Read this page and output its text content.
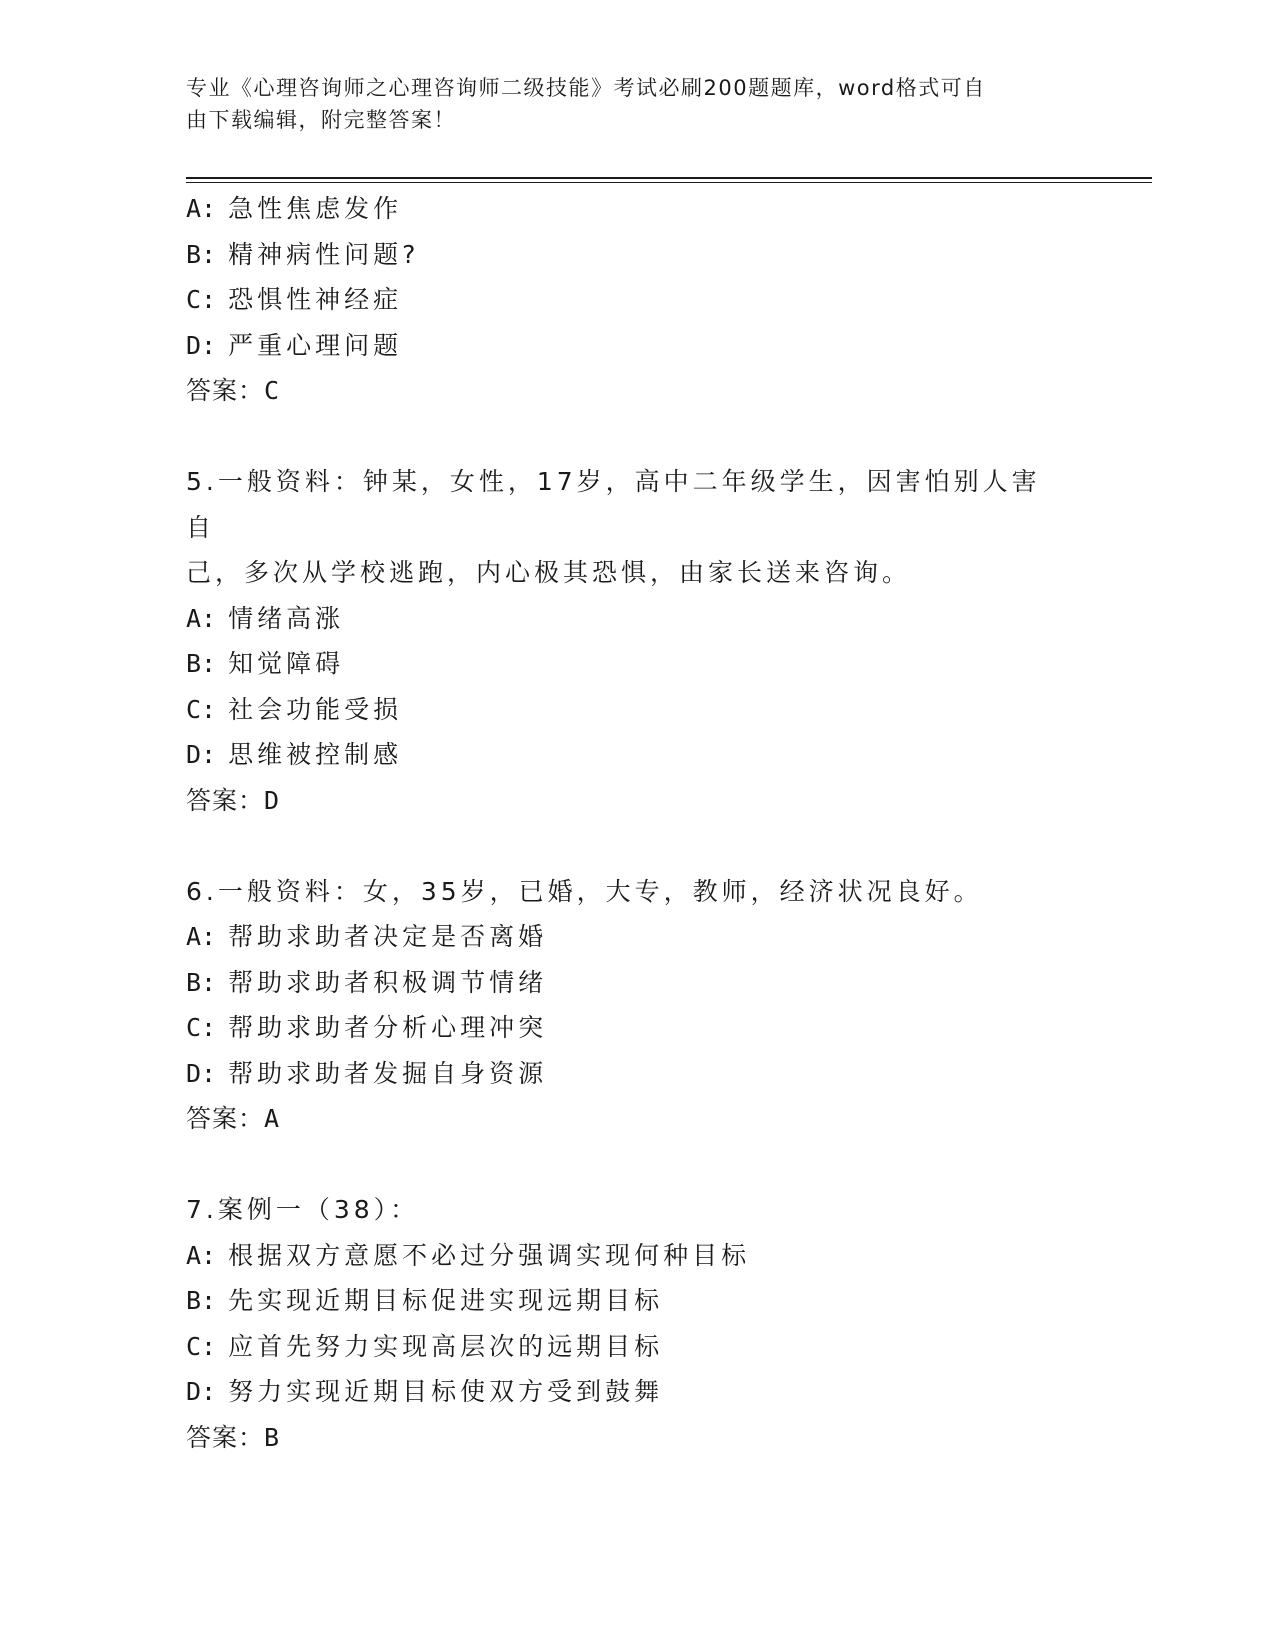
专业《心理咨询师之心理咨询师二级技能》考试必刷200题题库，word格式可自
由下载编辑，附完整答案！
A: 急性焦虑发作
B: 精神病性问题?
C: 恐惧性神经症
D: 严重心理问题
答案：C
5.一般资料：钟某，女性，17岁，高中二年级学生，因害怕别人害自
己，多次从学校逃跑，内心极其恐惧，由家长送来咨询。
A: 情绪高涨
B: 知觉障碍
C: 社会功能受损
D: 思维被控制感
答案：D
6.一般资料：女，35岁，已婚，大专，教师，经济状况良好。
A: 帮助求助者决定是否离婚
B: 帮助求助者积极调节情绪
C: 帮助求助者分析心理冲突
D: 帮助求助者发掘自身资源
答案：A
7.案例一（38）：
A: 根据双方意愿不必过分强调实现何种目标
B: 先实现近期目标促进实现远期目标
C: 应首先努力实现高层次的远期目标
D: 努力实现近期目标使双方受到鼓舞
答案：B
